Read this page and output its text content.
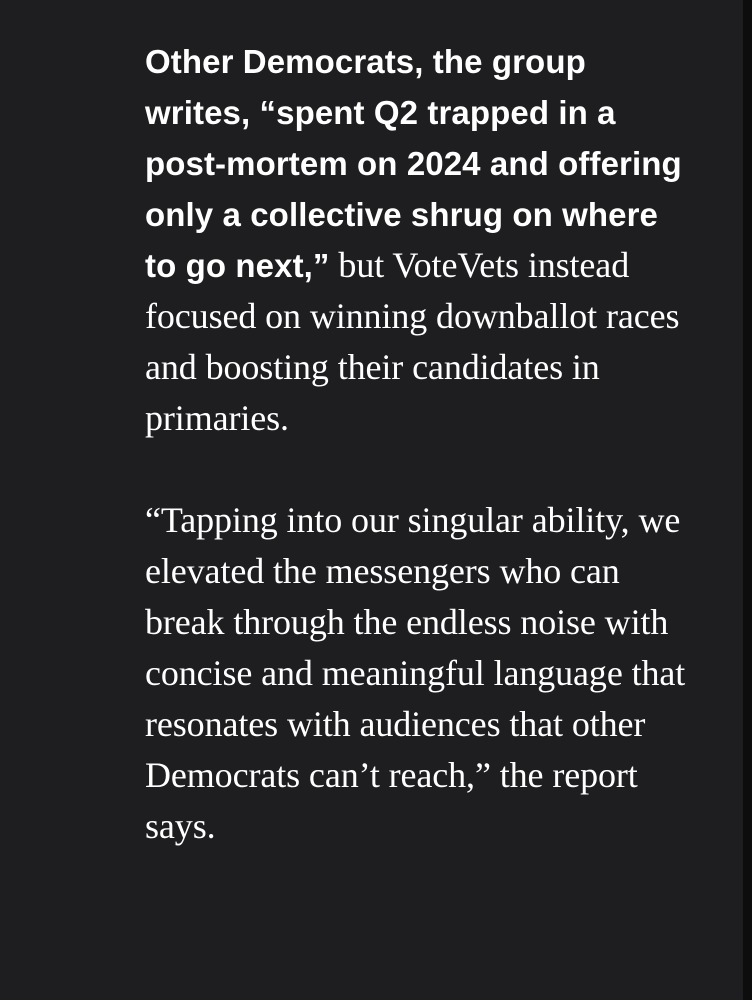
Other Democrats, the group writes, “spent Q2 trapped in a post-mortem on 2024 and offering only a collective shrug on where to go next,” but VoteVets instead focused on winning downballot races and boosting their candidates in primaries.

“Tapping into our singular ability, we elevated the messengers who can break through the endless noise with concise and meaningful language that resonates with audiences that other Democrats can’t reach,” the report says.
